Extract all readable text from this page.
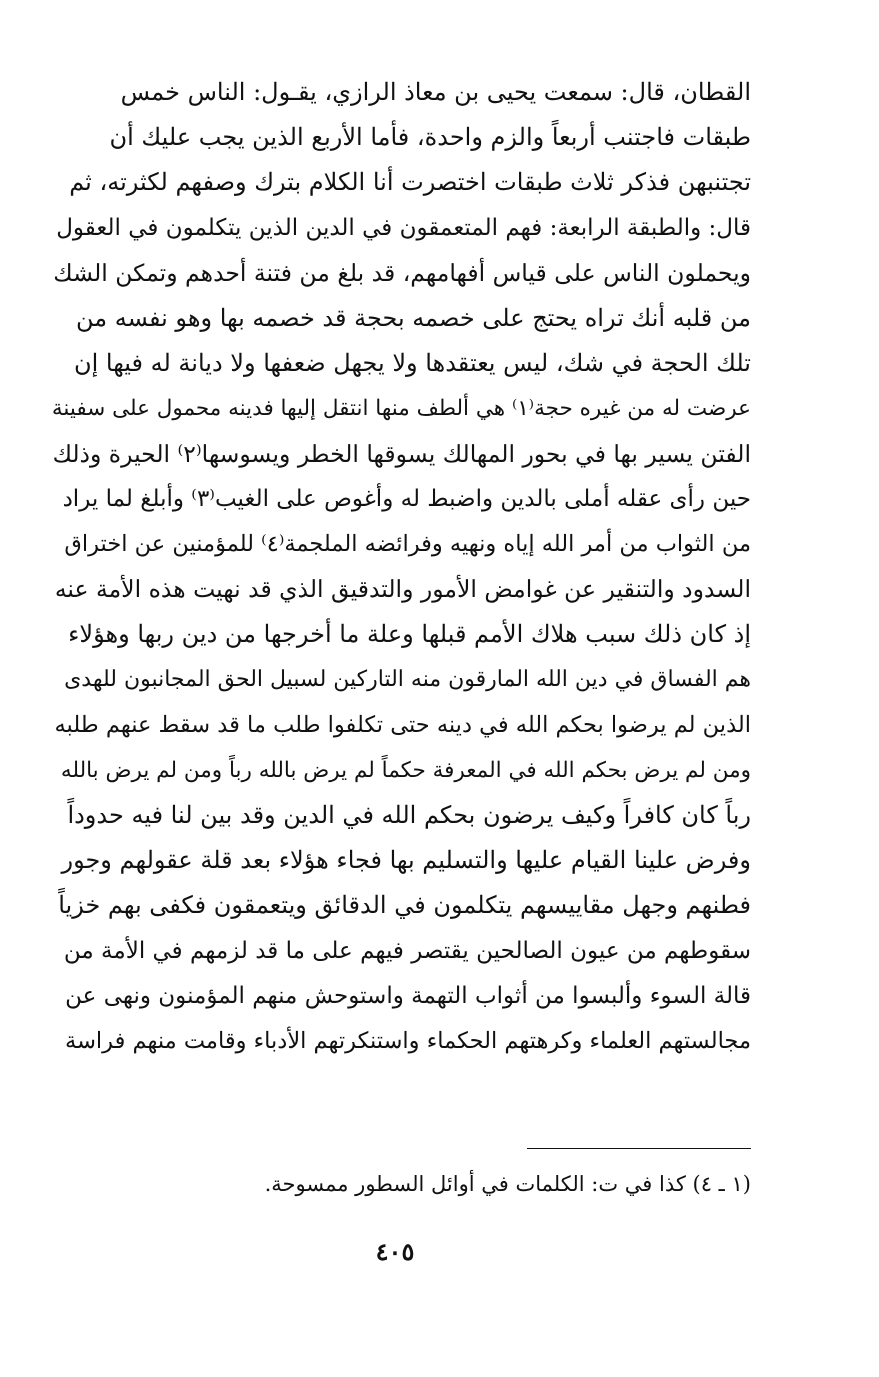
القطان، قال: سمعت يحيى بن معاذ الرازي، يقـول: الناس خمس
طبقات فاجتنب أربعاً والزم واحدة، فأما الأربع الذين يجب عليك أن
تجتنبهن فذكر ثلاث طبقات اختصرت أنا الكلام بترك وصفهم لكثرته، ثم
قال: والطبقة الرابعة: فهم المتعمقون في الدين الذين يتكلمون في العقول
ويحملون الناس على قياس أفهامهم، قد بلغ من فتنة أحدهم وتمكن الشك
من قلبه أنك تراه يحتج على خصمه بحجة قد خصمه بها وهو نفسه من
تلك الحجة في شك، ليس يعتقدها ولا يجهل ضعفها ولا ديانة له فيها إن
عرضت له من غيره حجة⁽١⁾ هي ألطف منها انتقل إليها فدينه محمول على سفينة
الفتن يسير بها في بحور المهالك يسوقها الخطر ويسوسها⁽٢⁾ الحيرة وذلك
حين رأى عقله أملى بالدين واضبط له وأغوص على الغيب⁽٣⁾ وأبلغ لما يراد
من الثواب من أمر الله إياه ونهيه وفرائضه الملجمة⁽٤⁾ للمؤمنين عن اختراق
السدود والتنقير عن غوامض الأمور والتدقيق الذي قد نهيت هذه الأمة عنه
إذ كان ذلك سبب هلاك الأمم قبلها وعلة ما أخرجها من دين ربها وهؤلاء
هم الفساق في دين الله المارقون منه التاركين لسبيل الحق المجانبون للهدى
الذين لم يرضوا بحكم الله في دينه حتى تكلفوا طلب ما قد سقط عنهم طلبه
ومن لم يرض بحكم الله في المعرفة حكماً لم يرض بالله رباً ومن لم يرض بالله
رباً كان كافراً وكيف يرضون بحكم الله في الدين وقد بين لنا فيه حدوداً
وفرض علينا القيام عليها والتسليم بها فجاء هؤلاء بعد قلة عقولهم وجور
فطنهم وجهل مقاييسهم يتكلمون في الدقائق ويتعمقون فكفى بهم خزياً
سقوطهم من عيون الصالحين يقتصر فيهم على ما قد لزمهم في الأمة من
قالة السوء وألبسوا من أثواب التهمة واستوحش منهم المؤمنون ونهى عن
مجالستهم العلماء وكرهتهم الحكماء واستنكرتهم الأدباء وقامت منهم فراسة

(١ ـ ٤) كذا في ت: الكلمات في أوائل السطور ممسوحة.

٤٠٥
